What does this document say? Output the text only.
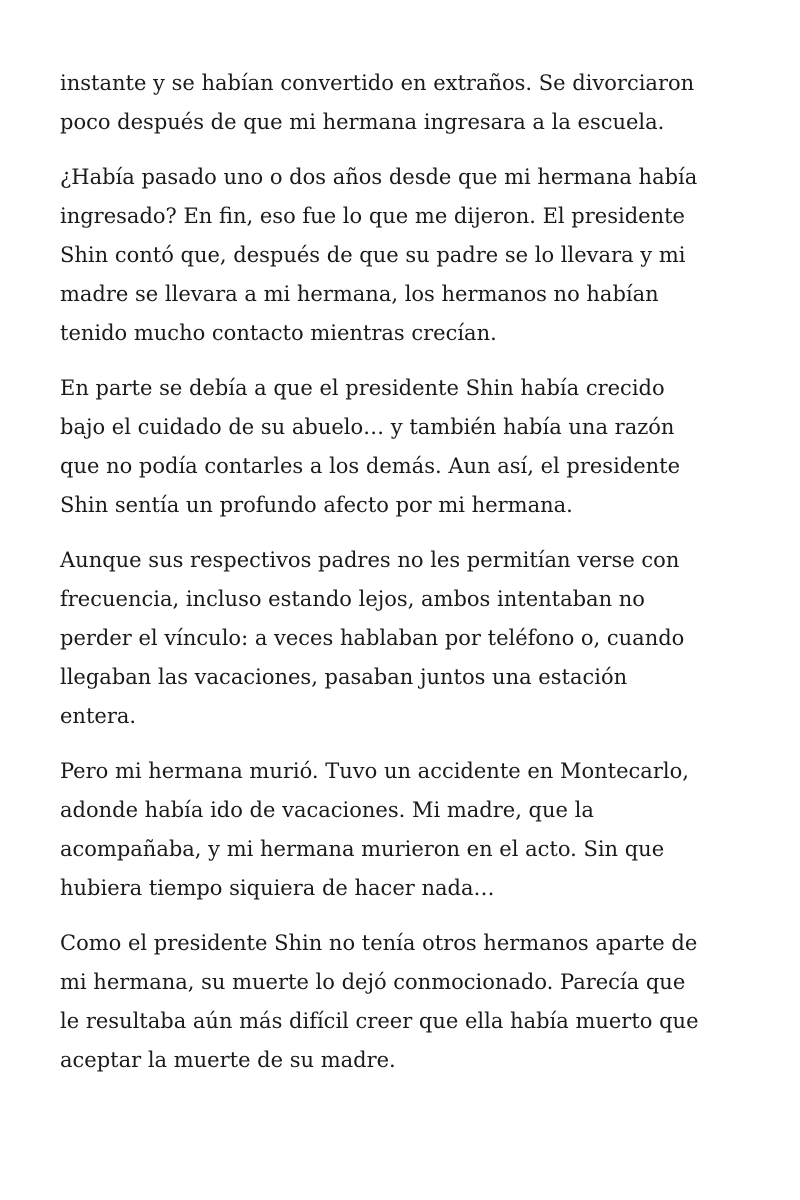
instante y se habían convertido en extraños. Se divorciaron
poco después de que mi hermana ingresara a la escuela.

¿Había pasado uno o dos años desde que mi hermana había
ingresado? En fin, eso fue lo que me dijeron. El presidente
Shin contó que, después de que su padre se lo llevara y mi
madre se llevara a mi hermana, los hermanos no habían
tenido mucho contacto mientras crecían.

En parte se debía a que el presidente Shin había crecido
bajo el cuidado de su abuelo… y también había una razón
que no podía contarles a los demás. Aun así, el presidente
Shin sentía un profundo afecto por mi hermana.

Aunque sus respectivos padres no les permitían verse con
frecuencia, incluso estando lejos, ambos intentaban no
perder el vínculo: a veces hablaban por teléfono o, cuando
llegaban las vacaciones, pasaban juntos una estación
entera.

Pero mi hermana murió. Tuvo un accidente en Montecarlo,
adonde había ido de vacaciones. Mi madre, que la
acompañaba, y mi hermana murieron en el acto. Sin que
hubiera tiempo siquiera de hacer nada…

Como el presidente Shin no tenía otros hermanos aparte de
mi hermana, su muerte lo dejó conmocionado. Parecía que
le resultaba aún más difícil creer que ella había muerto que
aceptar la muerte de su madre.
